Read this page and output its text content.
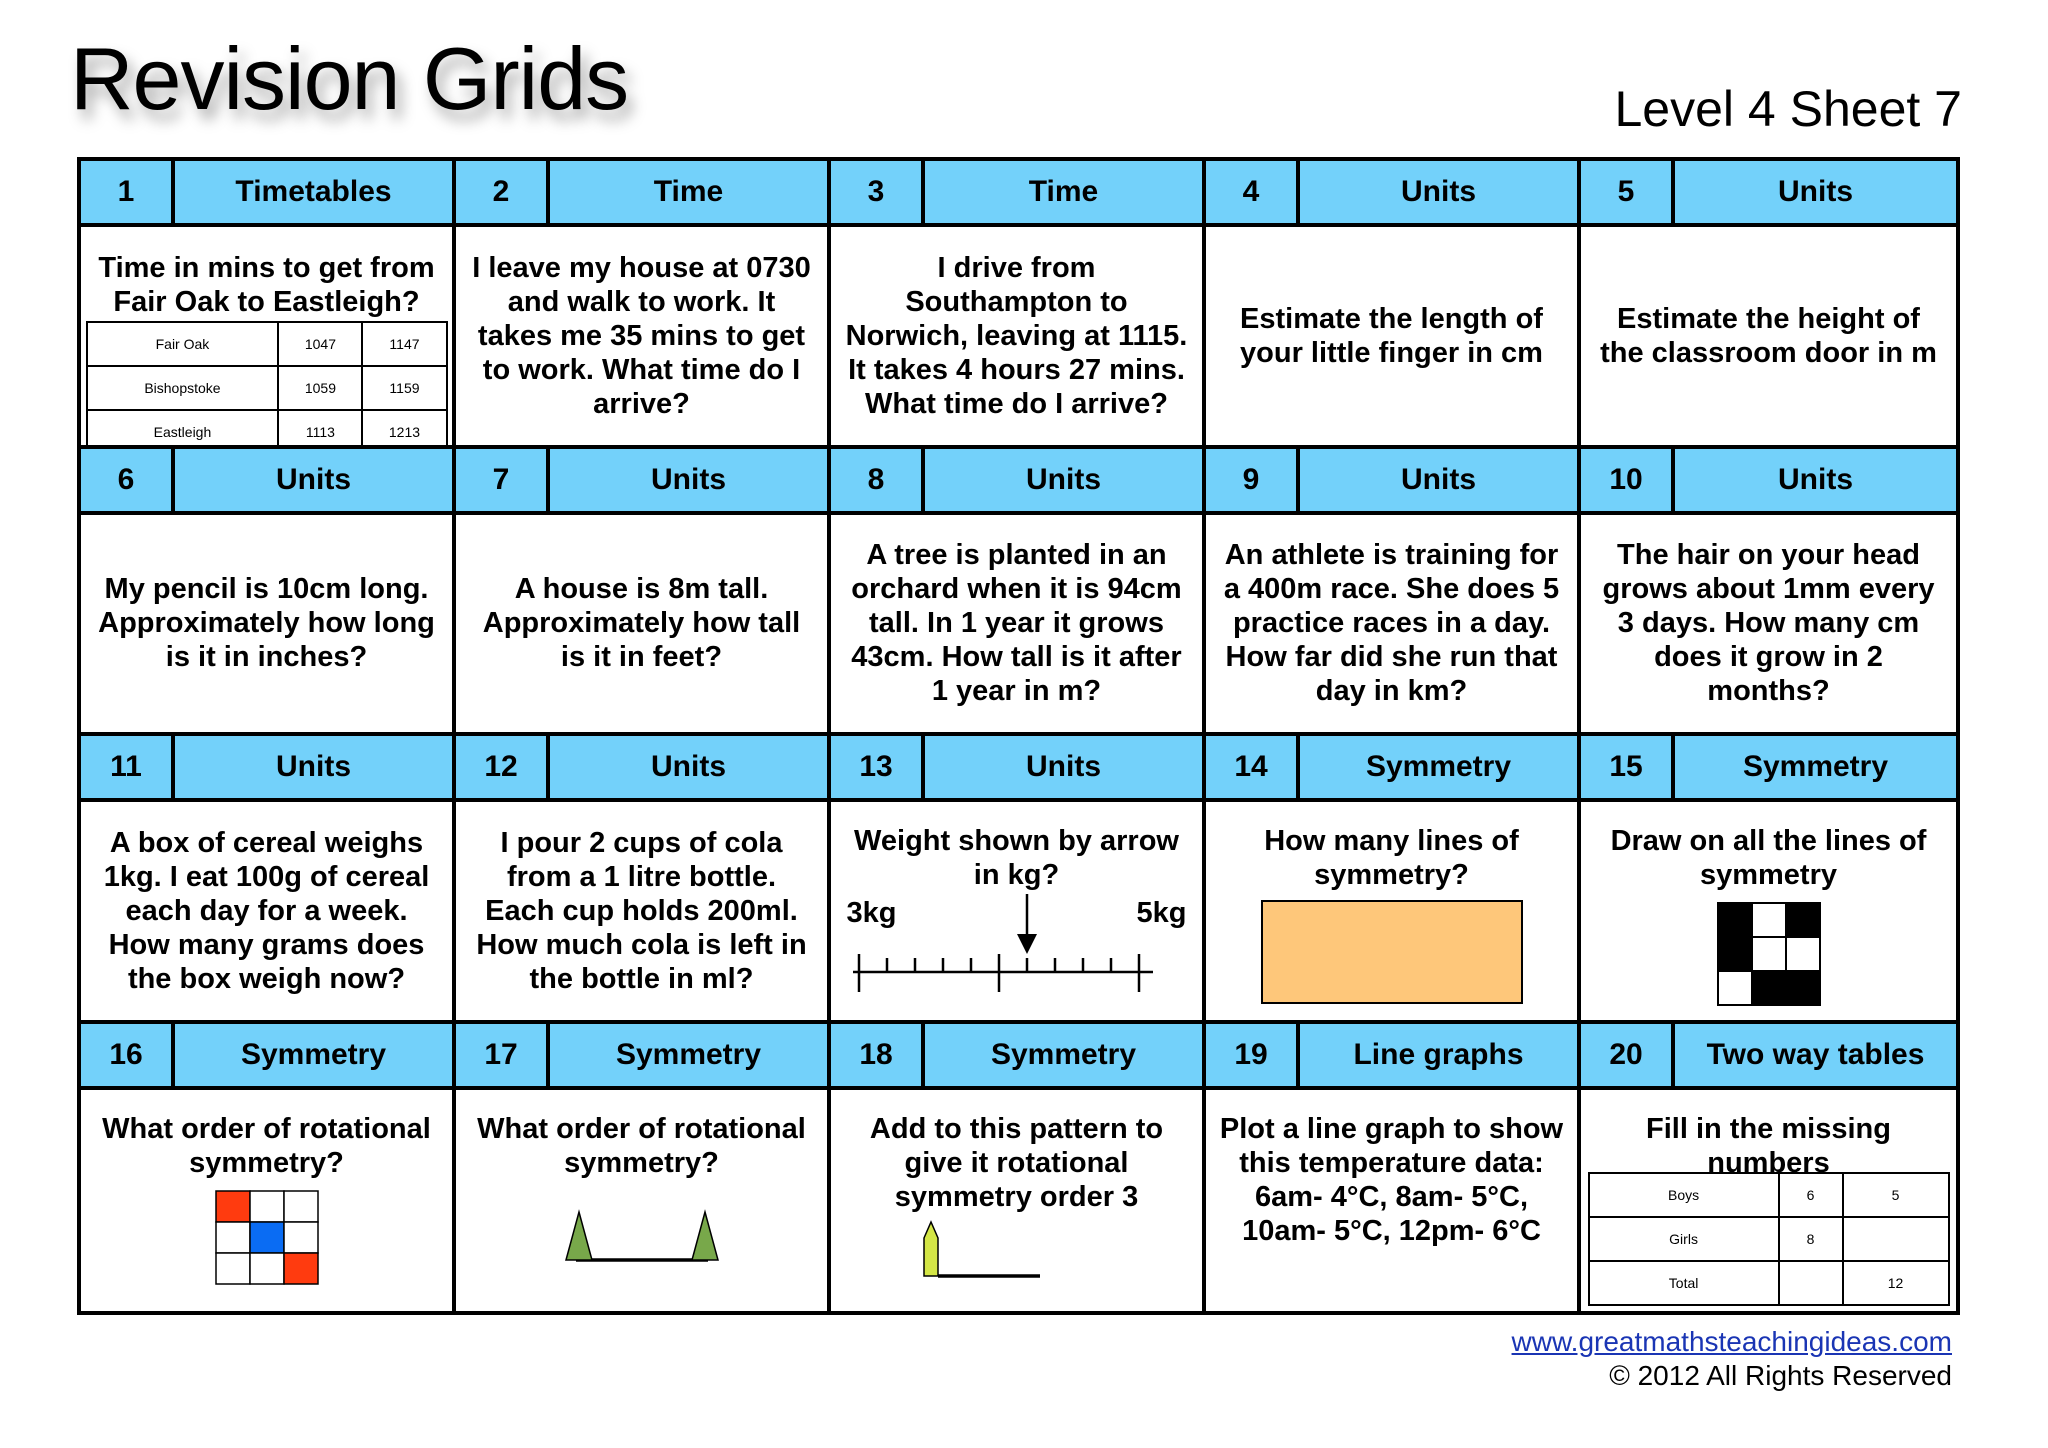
Revision Grids	Level 4 Sheet 7
1	Timetables
Time in mins to get from
Fair Oak to Eastleigh?
Fair Oak	1047	1147
Bishopstoke	1059	1159
Eastleigh	1113	1213
2	Time
I leave my house at 0730
and walk to work. It
takes me 35 mins to get
to work. What time do I
arrive?
3	Time
I drive from
Southampton to
Norwich, leaving at 1115.
It takes 4 hours 27 mins.
What time do I arrive?
4	Units
Estimate the length of
your little finger in cm
5	Units
Estimate the height of
the classroom door in m
6	Units
My pencil is 10cm long.
Approximately how long
is it in inches?
7	Units
A house is 8m tall.
Approximately how tall
is it in feet?
8	Units
A tree is planted in an
orchard when it is 94cm
tall. In 1 year it grows
43cm. How tall is it after
1 year in m?
9	Units
An athlete is training for
a 400m race. She does 5
practice races in a day.
How far did she run that
day in km?
10	Units
The hair on your head
grows about 1mm every
3 days. How many cm
does it grow in 2
months?
11	Units
A box of cereal weighs
1kg. I eat 100g of cereal
each day for a week.
How many grams does
the box weigh now?
12	Units
I pour 2 cups of cola
from a 1 litre bottle.
Each cup holds 200ml.
How much cola is left in
the bottle in ml?
13	Units
Weight shown by arrow
in kg?
3kg	5kg
14	Symmetry
How many lines of
symmetry?
15	Symmetry
Draw on all the lines of
symmetry
16	Symmetry
What order of rotational
symmetry?
17	Symmetry
What order of rotational
symmetry?
18	Symmetry
Add to this pattern to
give it rotational
symmetry order 3
19	Line graphs
Plot a line graph to show
this temperature data:
6am- 4°C, 8am- 5°C,
10am- 5°C, 12pm- 6°C
20	Two way tables
Fill in the missing
numbers
Boys	6	5
Girls	8	
Total		12
www.greatmathsteachingideas.com
© 2012 All Rights Reserved
